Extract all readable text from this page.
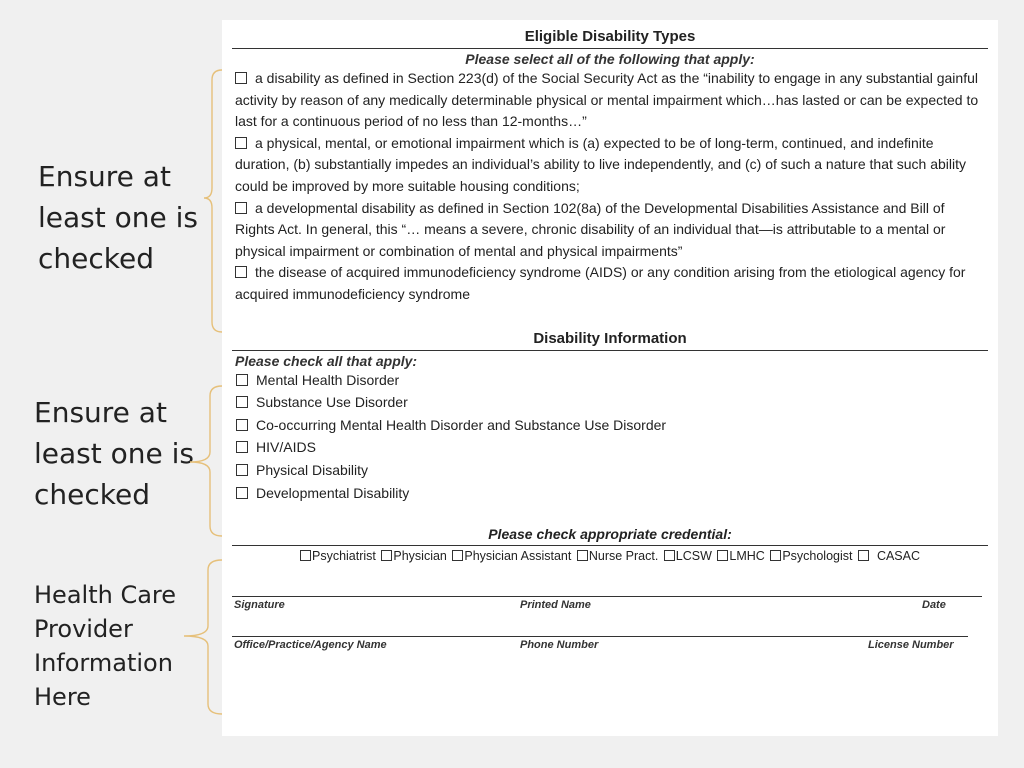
Ensure at
least one is
checked
Ensure at
least one is
checked
Health Care
Provider
Information
Here
Eligible Disability Types
Please select all of the following that apply:
a disability as defined in Section 223(d) of the Social Security Act as the “inability to engage in any substantial gainful activity by reason of any medically determinable physical or mental impairment which…has lasted or can be expected to last for a continuous period of no less than 12-months…”
a physical, mental, or emotional impairment which is (a) expected to be of long-term, continued, and indefinite duration, (b) substantially impedes an individual’s ability to live independently, and (c) of such a nature that such ability could be improved by more suitable housing conditions;
a developmental disability as defined in Section 102(8a) of the Developmental Disabilities Assistance and Bill of Rights Act. In general, this “… means a severe, chronic disability of an individual that—is attributable to a mental or physical impairment or combination of mental and physical impairments”
the disease of acquired immunodeficiency syndrome (AIDS) or any condition arising from the etiological agency for acquired immunodeficiency syndrome
Disability Information
Please check all that apply:
Mental Health Disorder
Substance Use Disorder
Co-occurring Mental Health Disorder and Substance Use Disorder
HIV/AIDS
Physical Disability
Developmental Disability
Please check appropriate credential:
Psychiatrist Physician Physician Assistant Nurse Pract. LCSW LMHC Psychologist CASAC
Signature	Printed Name	Date
Office/Practice/Agency Name	Phone Number	License Number
